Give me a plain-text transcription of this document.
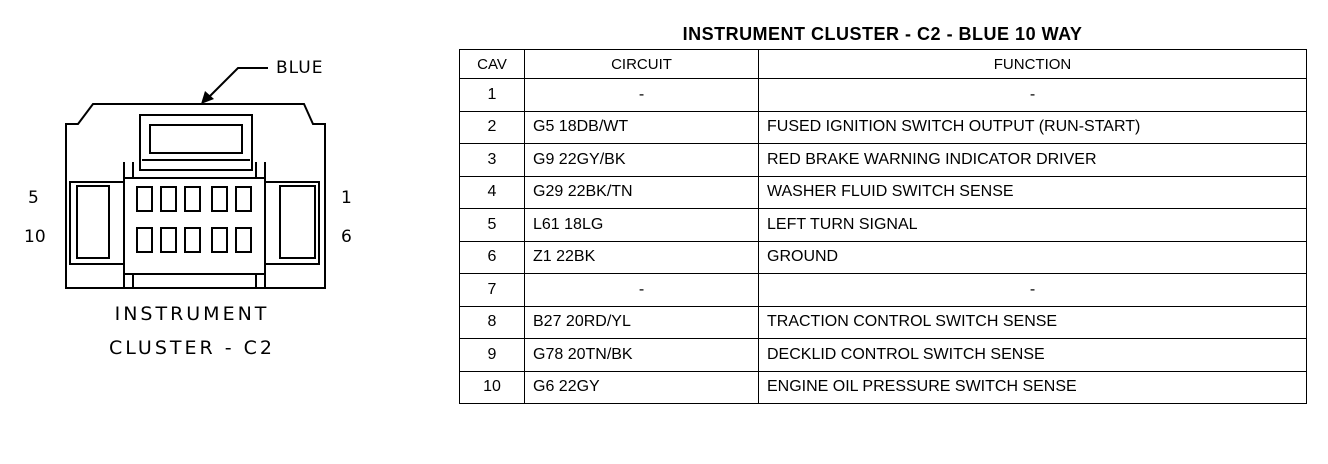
BLUE
5
10
1
6
INSTRUMENT
CLUSTER - C2
INSTRUMENT CLUSTER - C2 - BLUE 10 WAY
CAV	CIRCUIT	FUNCTION
1	-	-
2	G5 18DB/WT	FUSED IGNITION SWITCH OUTPUT (RUN-START)
3	G9 22GY/BK	RED BRAKE WARNING INDICATOR DRIVER
4	G29 22BK/TN	WASHER FLUID SWITCH SENSE
5	L61 18LG	LEFT TURN SIGNAL
6	Z1 22BK	GROUND
7	-	-
8	B27 20RD/YL	TRACTION CONTROL SWITCH SENSE
9	G78 20TN/BK	DECKLID CONTROL SWITCH SENSE
10	G6 22GY	ENGINE OIL PRESSURE SWITCH SENSE
